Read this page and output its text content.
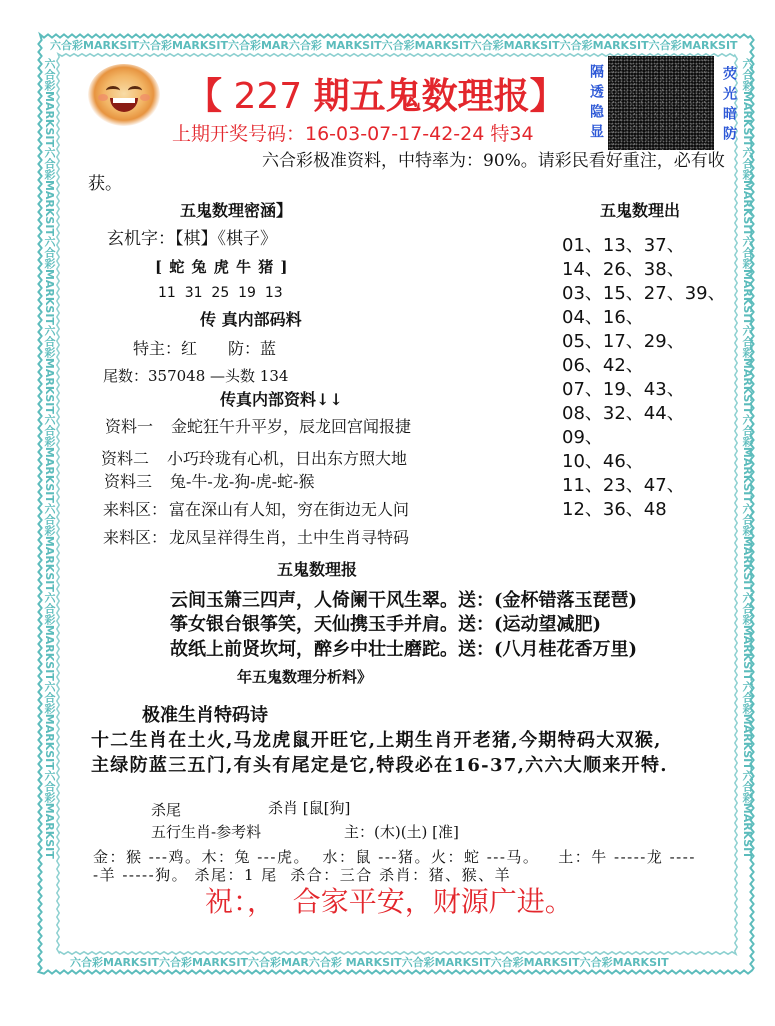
六合彩MARKSIT六合彩MARKSIT六合彩MAR六合彩 MARKSIT六合彩MARKSIT六合彩MARKSIT六合彩MARKSIT六合彩MARKSIT
六合彩MARKSIT六合彩MARKSIT六合彩MAR六合彩 MARKSIT六合彩MARKSIT六合彩MARKSIT六合彩MARKSIT
六合彩MARKSIT六合彩MARKSIT六合彩MARKSIT六合彩MARKSIT六合彩MARKSIT六合彩MARKSIT六合彩MARKSIT六合彩MARKSIT六合彩MARKSIT	六合彩MARKSIT六合彩MARKSIT六合彩MARKSIT六合彩MARKSIT六合彩MARKSIT六合彩MARKSIT六合彩MARKSIT六合彩MARKSIT六合彩MARKSIT
【 227 期五鬼数理报】 隔透隐显	荧光暗防
上期开奖号码：16-03-07-17-42-24 特34
六合彩极准资料，中特率为：90%。请彩民看好重注，必有收
获。
五鬼数理密涵】
玄机字：【棋】《棋子》
[ 蛇 兔 虎 牛 猪 ]
11  31  25  19  13
传 真内部码料
特主：红 防：蓝
尾数：357048 —头数 134
传真内部资料↓↓
资料一 金蛇狂午升平岁，辰龙回宫闻报捷
资料二 小巧玲珑有心机，日出东方照大地
资料三 兔-牛-龙-狗-虎-蛇-猴
来料区： 富在深山有人知，穷在街边无人问
来料区： 龙凤呈祥得生肖，土中生肖寻特码
五鬼数理出
01、13、37、
14、26、38、
03、15、27、39、
04、16、
05、17、29、
06、42、
07、19、43、
08、32、44、
09、
10、46、
11、23、47、
12、36、48
五鬼数理报
云间玉箫三四声，人倚阑干风生翠。送：(金杯错落玉琵琶)
筝女银台银筝笑，天仙携玉手并肩。送：(运动望减肥)
故纸上前贤坎坷，醉乡中壮士磨跎。送：(八月桂花香万里)
年五鬼数理分析料》
极准生肖特码诗
十二生肖在土火,马龙虎鼠开旺它,上期生肖开老猪,今期特码大双猴,
主绿防蓝三五门,有头有尾定是它,特段必在16-37,六六大顺来开特.
杀尾	杀肖 [鼠[狗]
五行生肖-参考料	主：(木)(土) [准]
金：猴 ---鸡。木：兔 ---虎。  水：鼠 ---猪。火：蛇 ---马。   土：牛 -----龙 ----
-羊 -----狗。 杀尾：1 尾  杀合：三合 杀肖：猪、猴、羊
祝：，  合家平安，财源广进。
